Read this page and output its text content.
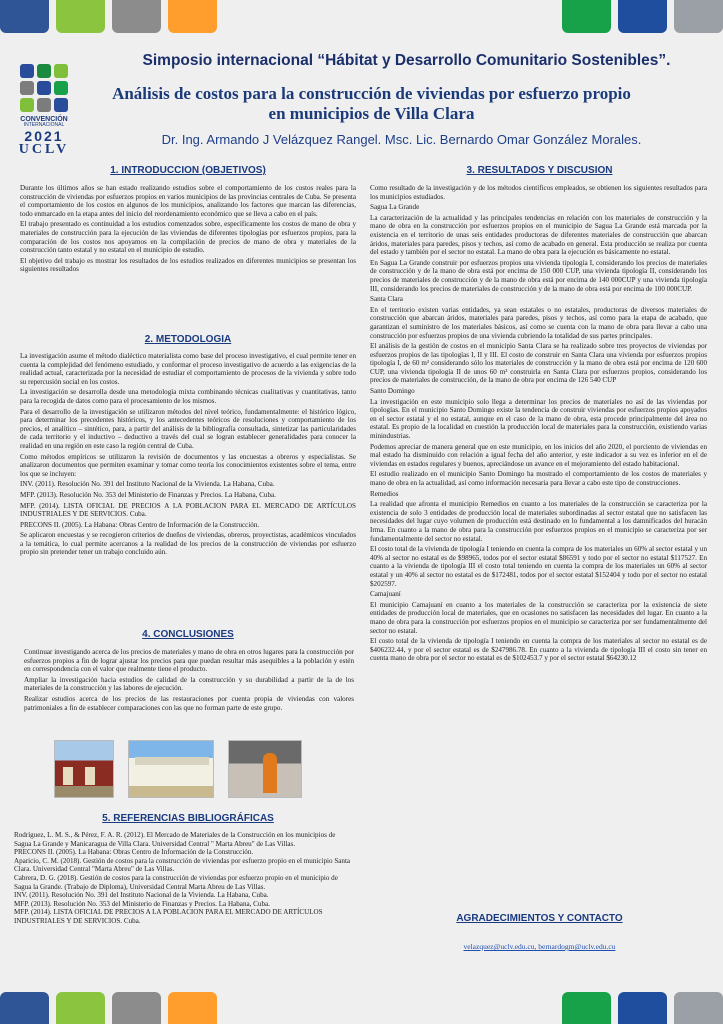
CONVENCIÓN
INTERNACIONAL
2021
UCLV
Simposio internacional “Hábitat y Desarrollo Comunitario Sostenibles”.
Análisis de costos para la construcción de viviendas por esfuerzo propio en municipios de Villa Clara
Dr. Ing. Armando J Velázquez Rangel. Msc. Lic. Bernardo Omar González Morales.
1. INTRODUCCION (OBJETIVOS)

Durante los últimos años se han estado realizando estudios sobre el comportamiento de los costos reales para la construcción de viviendas por esfuerzos propios en varios municipios de las provincias centrales de Cuba. Se presenta el comportamiento de los costos en algunos de los municipios, analizando los factores que marcan las diferencias, todo enmarcado en la etapa antes del inicio del reordenamiento económico que se lleva a cabo en el país.

El trabajo presentado es continuidad a los estudios comenzados sobre, específicamente los costos de mano de obra y materiales de construcción para la ejecución de las viviendas de diferentes tipologías por esfuerzos propios, para la comparación de los costos nos apoyamos en la compilación de precios de mano de obra y materiales de la construcción tanto estatal y no estatal en el municipio de estudio.

El objetivo del trabajo es mostrar los resultados de los estudios realizados en diferentes municipios se presentan los siguientes resultados

2. METODOLOGIA

La investigación asume el método dialéctico materialista como base del proceso investigativo, el cual permite tener en cuenta la complejidad del fenómeno estudiado, y conformar el proceso investigativo de acuerdo a las exigencias de la realidad actual, caracterizada por la necesidad de estudiar el comportamiento de procesos de la vivienda y sobre todo su repercusión social en los costos.

La investigación se desarrolla desde una metodología mixta combinando técnicas cualitativas y cuantitativas, tanto para la recogida de datos como para el procesamiento de los mismos.

Para el desarrollo de la investigación se utilizaron métodos del nivel teórico, fundamentalmente: el histórico lógico, para determinar los precedentes históricos, y los antecedentes teóricos de resoluciones y comportamiento de los precios, el analítico – sintético, para, a partir del análisis de la bibliografía consultada, sintetizar las particularidades de cada territorio y el inductivo – deductivo a través del cual se logran establecer generalidades para conocer la realidad en una región en este caso la región central de Cuba.

Como métodos empíricos se utilizaron la revisión de documentos y las encuestas a obreros y especialistas. Se analizaron documentos que permiten examinar y tomar como teoría los conocimientos existentes sobre el tema, entre los que se incluyen:

INV. (2011). Resolución No. 391 del Instituto Nacional de la Vivienda. La Habana, Cuba.

MFP. (2013). Resolución No. 353 del Ministerio de Finanzas y Precios. La Habana, Cuba.

MFP. (2014). LISTA OFICIAL DE PRECIOS A LA POBLACION PARA EL MERCADO DE ARTÍCULOS INDUSTRIALES Y DE SERVICIOS. Cuba.

PRECONS II. (2005). La Habana: Obras Centro de Información de la Construcción.

Se aplicaron encuestas y se recogieron criterios de dueños de viviendas, obreros, proyectistas, académicos vinculados a la temática, lo cual permite acercanos a la realidad de los precios de la construcción de viviendas por esfuerzo propio sin pretender tener un trabajo concluido aún.

4. CONCLUSIONES

Continuar investigando acerca de los precios de materiales y mano de obra en otros lugares para la construcción por esfuerzos propios a fin de lograr ajustar los precios para que puedan resultar más asequibles a la población y estén en correspondencia con el valor que realmente tiene el producto.

Ampliar la investigación hacia estudios de calidad de la construcción y su durabilidad a partir de la de los materiales de la construcción y las labores de ejecución.

Realizar estudios acerca de los precios de las restauraciones por cuenta propia de viviendas con valores patrimoniales a fin de establecer comparaciones con las que no forman parte de este grupo.

5. REFERENCIAS BIBLIOGRÁFICAS

Rodríguez, L. M. S., & Pérez, F. A. R. (2012). El Mercado de Materiales de la Construcción en los municipios de Sagua La Grande y Manicaragua de Villa Clara. Universidad Central " Marta Abreu" de Las Villas.

PRECONS II. (2005). La Habana: Obras Centro de Información de la Construcción.

Aparicio, C. M. (2018). Gestión de costos para la construcción de viviendas por esfuerzo propio en el municipio Santa Clara. Universidad Central "Marta Abreu" de Las Villas.

Cabrera, D. G. (2018). Gestión de costos para la construcción de viviendas por esfuerzo propio en el municipio de Sagua la Grande. (Trabajo de Diploma), Universidad Central Marta Abreu de Las Villas.

INV. (2011). Resolución No. 391 del Instituto Nacional de la Vivienda. La Habana, Cuba.

MFP. (2013). Resolución No. 353 del Ministerio de Finanzas y Precios. La Habana, Cuba.

MFP. (2014). LISTA OFICIAL DE PRECIOS A LA POBLACION PARA EL MERCADO DE ARTÍCULOS INDUSTRIALES Y DE SERVICIOS. Cuba.

3. RESULTADOS Y DISCUSION

Como resultado de la investigación y de los métodos científicos empleados, se obtienen los siguientes resultados para los municipios estudiados.

Sagua La Grande

La caracterización de la actualidad y las principales tendencias en relación con los materiales de construcción y la mano de obra en la construcción por esfuerzos propios en el municipio de Sagua La Grande está marcada por la existencia en el territorio de unas seis entidades productoras de diferentes materiales de construcción que abarcan áridos, materiales para paredes, pisos y techos, así como de acabado en general. Esta producción se realiza por cuenta del estado y también por el sector no estatal. La mano de obra para la ejecución es básicamente no estatal.

En Sagua La Grande construir por esfuerzos propios una vivienda tipología I, considerando los precios de materiales de construcción y de la mano de obra está por encima de 150 000 CUP, una vivienda tipología II, considerando los precios de materiales de construcción y de la mano de obra está por encima de 140 000CUP y una vivienda tipología III, considerando los precios de materiales de construcción y de la mano de obra está por encima de 100 000CUP.

Santa Clara

En el territorio existen varias entidades, ya sean estatales o no estatales, productoras de diversos materiales de construcción que abarcan áridos, materiales para paredes, pisos y techos, así como para la etapa de acabado, que garantizan el suministro de los materiales básicos, así como se cuenta con la mano de obra para llevar a cabo una construcción por esfuerzos propios de una vivienda cubriendo la totalidad de sus partes principales.

El análisis de la gestión de costos en el municipio Santa Clara se ha realizado sobre tres proyectos de viviendas por esfuerzos propios de las tipologías I, II y III. El costo de construir en Santa Clara una vivienda por esfuerzos propios tipología I, de 60 m² considerando sólo los materiales de construcción y la mano de obra está por encima de 120 600 CUP, una vivienda tipología II de unos 60 m² construirla en Santa Clara por esfuerzos propios, considerando los precios de materiales de construcción, de la mano de obra por encima de 126 540 CUP

Santo Domingo

La investigación en este municipio solo llega a determinar los precios de materiales no así de las viviendas por tipologías. En el municipio Santo Domingo existe la tendencia de construir viviendas por esfuerzos propios apoyados en el sector estatal y el no estatal, aunque en el caso de la mano de obra, esta procede principalmente del área no estatal. Es propio de la localidad en cuestión la producción local de materiales para la construcción, existiendo varias minindustrias.

Podemos apreciar de manera general que en este municipio, en los inicios del año 2020, el porciento de viviendas en mal estado ha disminuido con relación a igual fecha del año anterior, y este indicador a su vez es inferior en el de viviendas en estados regulares y buenos, apreciándose un avance en el mejoramiento del estado habitacional.

El estudio realizado en el municipio Santo Domingo ha mostrado el comportamiento de los costos de materiales y mano de obra en la actualidad, así como información necesaria para llevar a cabo este tipo de construcciones.

Remedios

La realidad que afronta el municipio Remedios en cuanto a los materiales de la construcción se caracteriza por la existencia de solo 3 entidades de producción local de materiales subordinadas al sector estatal que no satisfacen las necesidades del lugar cuyo volumen de producción está destinado en lo fundamental a los damnificados del huracán Irma. En cuanto a la mano de obra para la construcción por esfuerzos propios en el municipio se caracteriza por ser fundamentalmente del sector no estatal.

El costo total de la vivienda de tipología I teniendo en cuenta la compra de los materiales un 60% al sector estatal y un 40% al sector no estatal es de $98965, todos por el sector estatal $86591 y todo por el sector no estatal $117527. En cuanto a la vivienda de tipología III el costo total teniendo en cuenta la compra de los materiales un 60% al sector estatal y un 40% al sector no estatal es de $172481, todos por el sector estatal $152404 y todo por el sector no estatal $202597.

Camajuaní

El municipio Camajuaní en cuanto a los materiales de la construcción se caracteriza por la existencia de siete entidades de producción local de materiales, que en ocasiones no satisfacen las necesidades del lugar. En cuanto a la mano de obra para la construcción por esfuerzos propios en el municipio se caracteriza por ser fundamentalmente del sector no estatal.

El costo total de la vivienda de tipología I teniendo en cuenta la compra de los materiales al sector no estatal es de $406232.44, y por el sector estatal es de $247986.78. En cuanto a la vivienda de tipología III el costo sin tener en cuenta mano de obra por el sector no estatal es de $102453.7 y por el sector estatal $64230.12

AGRADECIMIENTOS Y CONTACTO
velazquez@uclv.edu.cu, bernardogm@uclv.edu.cu
